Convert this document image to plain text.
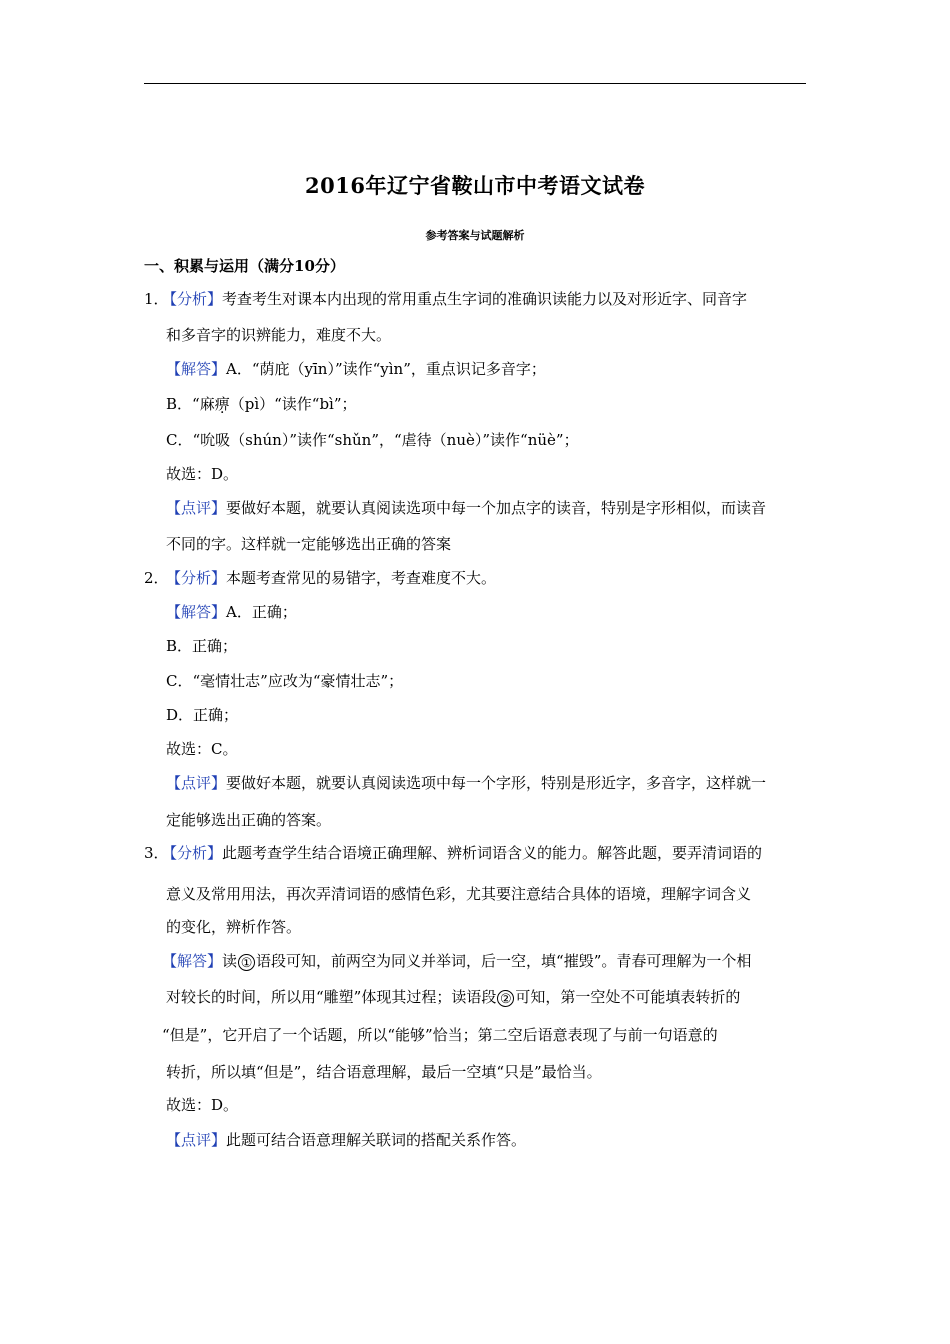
2016年辽宁省鞍山市中考语文试卷
参考答案与试题解析
一、积累与运用（满分10分）
1．
【分析】考查考生对课本内出现的常用重点生字词的准确识读能力以及对形近字、同音字
和多音字的识辨能力，难度不大。
【解答】A．“荫庇（yīn）”读作“yìn”，重点识记多音字；
B．“麻痹（pì）“读作“bì”；
C．“吮吸（shún）”读作“shǔn”，“虐待（nuè）”读作“nüè”；
故选：D。
【点评】要做好本题，就要认真阅读选项中每一个加点字的读音，特别是字形相似，而读音
不同的字。这样就一定能够选出正确的答案
2．
【分析】本题考查常见的易错字，考查难度不大。
【解答】A．正确；
B．正确；
C．“毫情壮志”应改为“豪情壮志”；
D．正确；
故选：C。
【点评】要做好本题，就要认真阅读选项中每一个字形，特别是形近字，多音字，这样就一
定能够选出正确的答案。
3．
【分析】此题考查学生结合语境正确理解、辨析词语含义的能力。解答此题，要弄清词语的
意义及常用用法，再次弄清词语的感情色彩，尤其要注意结合具体的语境，理解字词含义
的变化，辨析作答。
【解答】读 ① 语段可知，前两空为同义并举词，后一空，填“摧毁”。青春可理解为一个相
对较长的时间，所以用“雕塑”体现其过程；读语段 ② 可知，第一空处不可能填表转折的
“但是”，它开启了一个话题，所以“能够”恰当；第二空后语意表现了与前一句语意的
转折，所以填“但是”，结合语意理解，最后一空填“只是”最恰当。
故选：D。
【点评】此题可结合语意理解关联词的搭配关系作答。
